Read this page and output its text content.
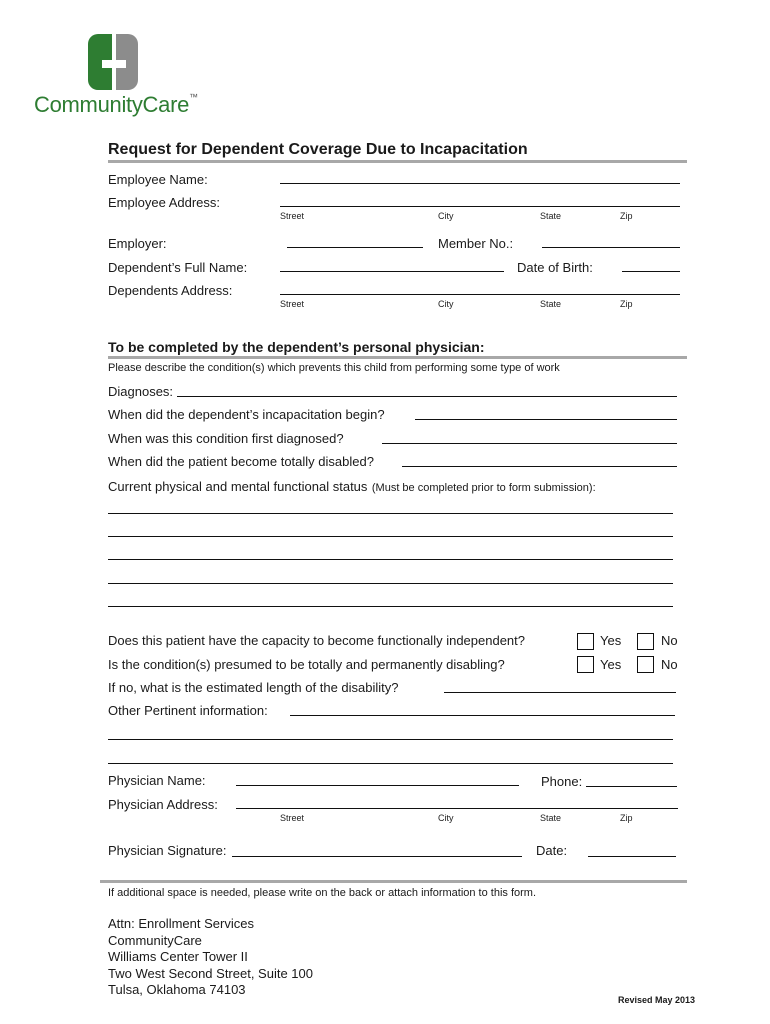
CommunityCare™
Request for Dependent Coverage Due to Incapacitation
Employee Name:
Employee Address:
Street	City	State	Zip
Employer:	Member No.:
Dependent’s Full Name:	Date of Birth:
Dependents Address:
Street	City	State	Zip
To be completed by the dependent’s personal physician:
Please describe the condition(s) which prevents this child from performing some type of work
Diagnoses:
When did the dependent’s incapacitation begin?
When was this condition first diagnosed?
When did the patient become totally disabled?
Current physical and mental functional status (Must be completed prior to form submission):
Does this patient have the capacity to become functionally independent?	Yes	No
Is the condition(s) presumed to be totally and permanently disabling?	Yes	No
If no, what is the estimated length of the disability?
Other Pertinent information:
Physician Name:	Phone:
Physician Address:
Street	City	State	Zip
Physician Signature:	Date:
If additional space is needed, please write on the back or attach information to this form.
Attn: Enrollment Services
CommunityCare
Williams Center Tower II
Two West Second Street, Suite 100
Tulsa, Oklahoma 74103
Revised May 2013
